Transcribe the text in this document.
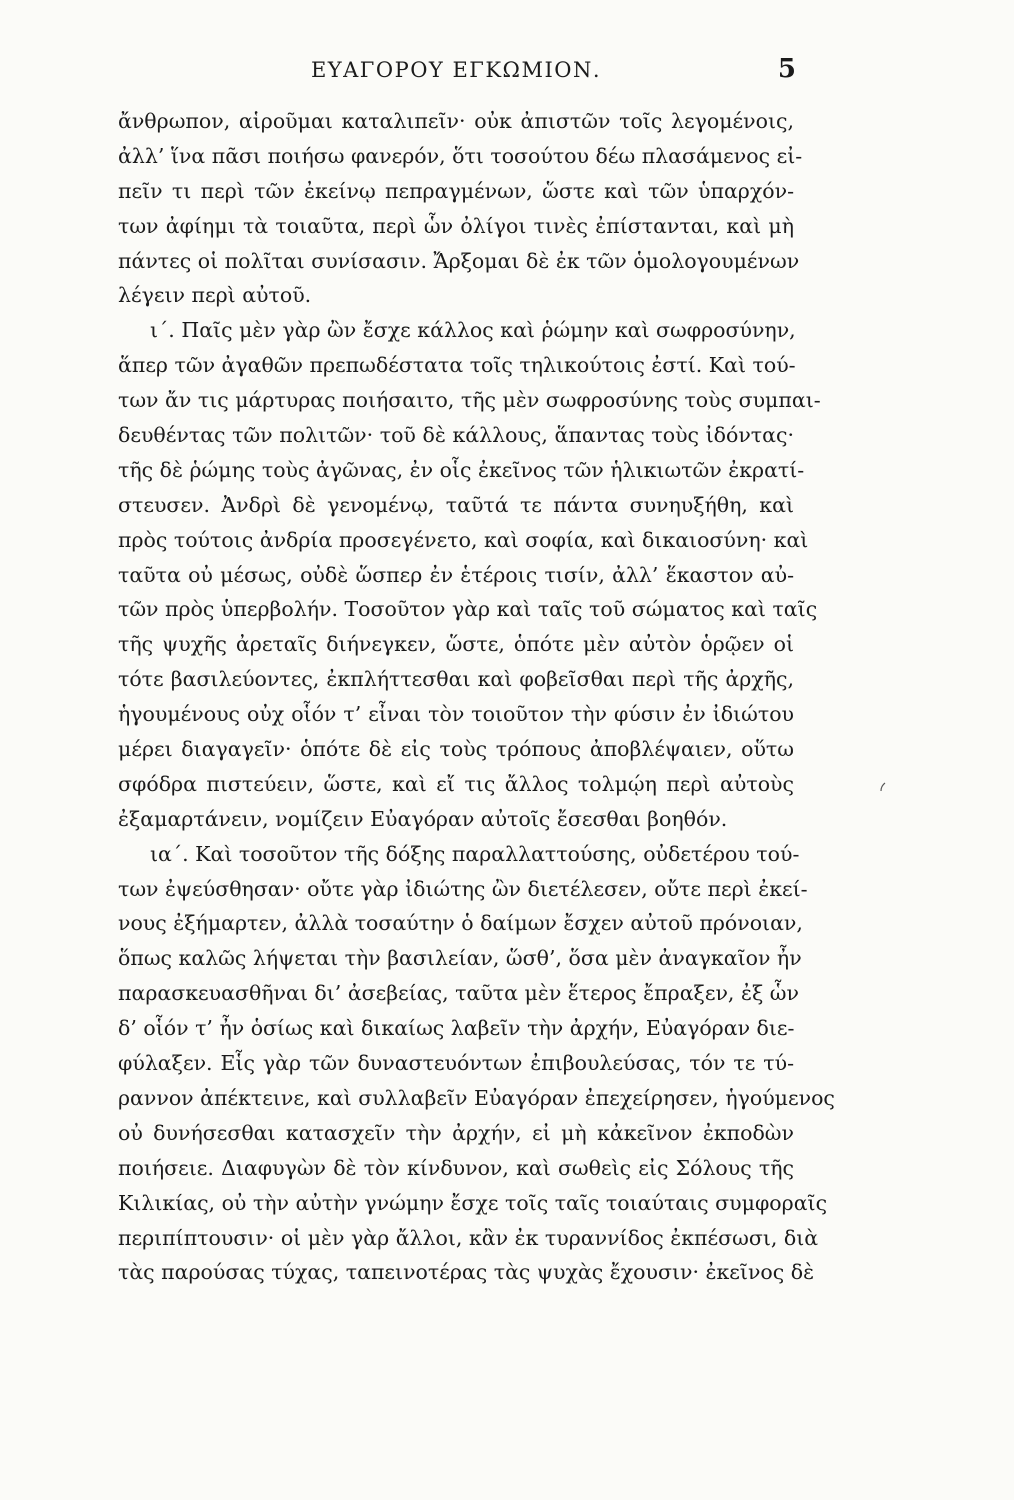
ΕΥΑΓΟΡΟΥ ΕΓΚΩΜΙΟΝ.	5
ἄνθρωπον, αἱροῦμαι καταλιπεῖν· οὐκ ἀπιστῶν τοῖς λεγομένοις,
ἀλλ’ ἵνα πᾶσι ποιήσω φανερόν, ὅτι τοσούτου δέω πλασάμενος εἰ-
πεῖν τι περὶ τῶν ἐκείνῳ πεπραγμένων, ὥστε καὶ τῶν ὑπαρχόν-
των ἀφίημι τὰ τοιαῦτα, περὶ ὧν ὀλίγοι τινὲς ἐπίστανται, καὶ μὴ
πάντες οἱ πολῖται συνίσασιν. Ἄρξομαι δὲ ἐκ τῶν ὁμολογουμένων
λέγειν περὶ αὐτοῦ.
ι΄. Παῖς μὲν γὰρ ὢν ἔσχε κάλλος καὶ ῥώμην καὶ σωφροσύνην,
ἅπερ τῶν ἀγαθῶν πρεπωδέστατα τοῖς τηλικούτοις ἐστί. Καὶ τού-
των ἄν τις μάρτυρας ποιήσαιτο, τῆς μὲν σωφροσύνης τοὺς συμπαι-
δευθέντας τῶν πολιτῶν· τοῦ δὲ κάλλους, ἅπαντας τοὺς ἰδόντας·
τῆς δὲ ῥώμης τοὺς ἀγῶνας, ἐν οἷς ἐκεῖνος τῶν ἡλικιωτῶν ἐκρατί-
στευσεν. Ἀνδρὶ δὲ γενομένῳ, ταῦτά τε πάντα συνηυξήθη, καὶ
πρὸς τούτοις ἀνδρία προσεγένετο, καὶ σοφία, καὶ δικαιοσύνη· καὶ
ταῦτα οὐ μέσως, οὐδὲ ὥσπερ ἐν ἑτέροις τισίν, ἀλλ’ ἕκαστον αὐ-
τῶν πρὸς ὑπερβολήν. Τοσοῦτον γὰρ καὶ ταῖς τοῦ σώματος καὶ ταῖς
τῆς ψυχῆς ἀρεταῖς διήνεγκεν, ὥστε, ὁπότε μὲν αὐτὸν ὁρῷεν οἱ
τότε βασιλεύοντες, ἐκπλήττεσθαι καὶ φοβεῖσθαι περὶ τῆς ἀρχῆς,
ἡγουμένους οὐχ οἷόν τ’ εἶναι τὸν τοιοῦτον τὴν φύσιν ἐν ἰδιώτου
μέρει διαγαγεῖν· ὁπότε δὲ εἰς τοὺς τρόπους ἀποβλέψαιεν, οὕτω
σφόδρα πιστεύειν, ὥστε, καὶ εἴ τις ἄλλος τολμῴη περὶ αὐτοὺς
ἐξαμαρτάνειν, νομίζειν Εὐαγόραν αὐτοῖς ἔσεσθαι βοηθόν.
ια΄. Καὶ τοσοῦτον τῆς δόξης παραλλαττούσης, οὐδετέρου τού-
των ἐψεύσθησαν· οὔτε γὰρ ἰδιώτης ὢν διετέλεσεν, οὔτε περὶ ἐκεί-
νους ἐξήμαρτεν, ἀλλὰ τοσαύτην ὁ δαίμων ἔσχεν αὐτοῦ πρόνοιαν,
ὅπως καλῶς λήψεται τὴν βασιλείαν, ὥσθ’, ὅσα μὲν ἀναγκαῖον ἦν
παρασκευασθῆναι δι’ ἀσεβείας, ταῦτα μὲν ἕτερος ἔπραξεν, ἐξ ὧν
δ’ οἷόν τ’ ἦν ὁσίως καὶ δικαίως λαβεῖν τὴν ἀρχήν, Εὐαγόραν διε-
φύλαξεν. Εἷς γὰρ τῶν δυναστευόντων ἐπιβουλεύσας, τόν τε τύ-
ραννον ἀπέκτεινε, καὶ συλλαβεῖν Εὐαγόραν ἐπεχείρησεν, ἡγούμενος
οὐ δυνήσεσθαι κατασχεῖν τὴν ἀρχήν, εἰ μὴ κἀκεῖνον ἐκποδὼν
ποιήσειε. Διαφυγὼν δὲ τὸν κίνδυνον, καὶ σωθεὶς εἰς Σόλους τῆς
Κιλικίας, οὐ τὴν αὐτὴν γνώμην ἔσχε τοῖς ταῖς τοιαύταις συμφοραῖς
περιπίπτουσιν· οἱ μὲν γὰρ ἄλλοι, κἂν ἐκ τυραννίδος ἐκπέσωσι, διὰ
τὰς παρούσας τύχας, ταπεινοτέρας τὰς ψυχὰς ἔχουσιν· ἐκεῖνος δὲ
